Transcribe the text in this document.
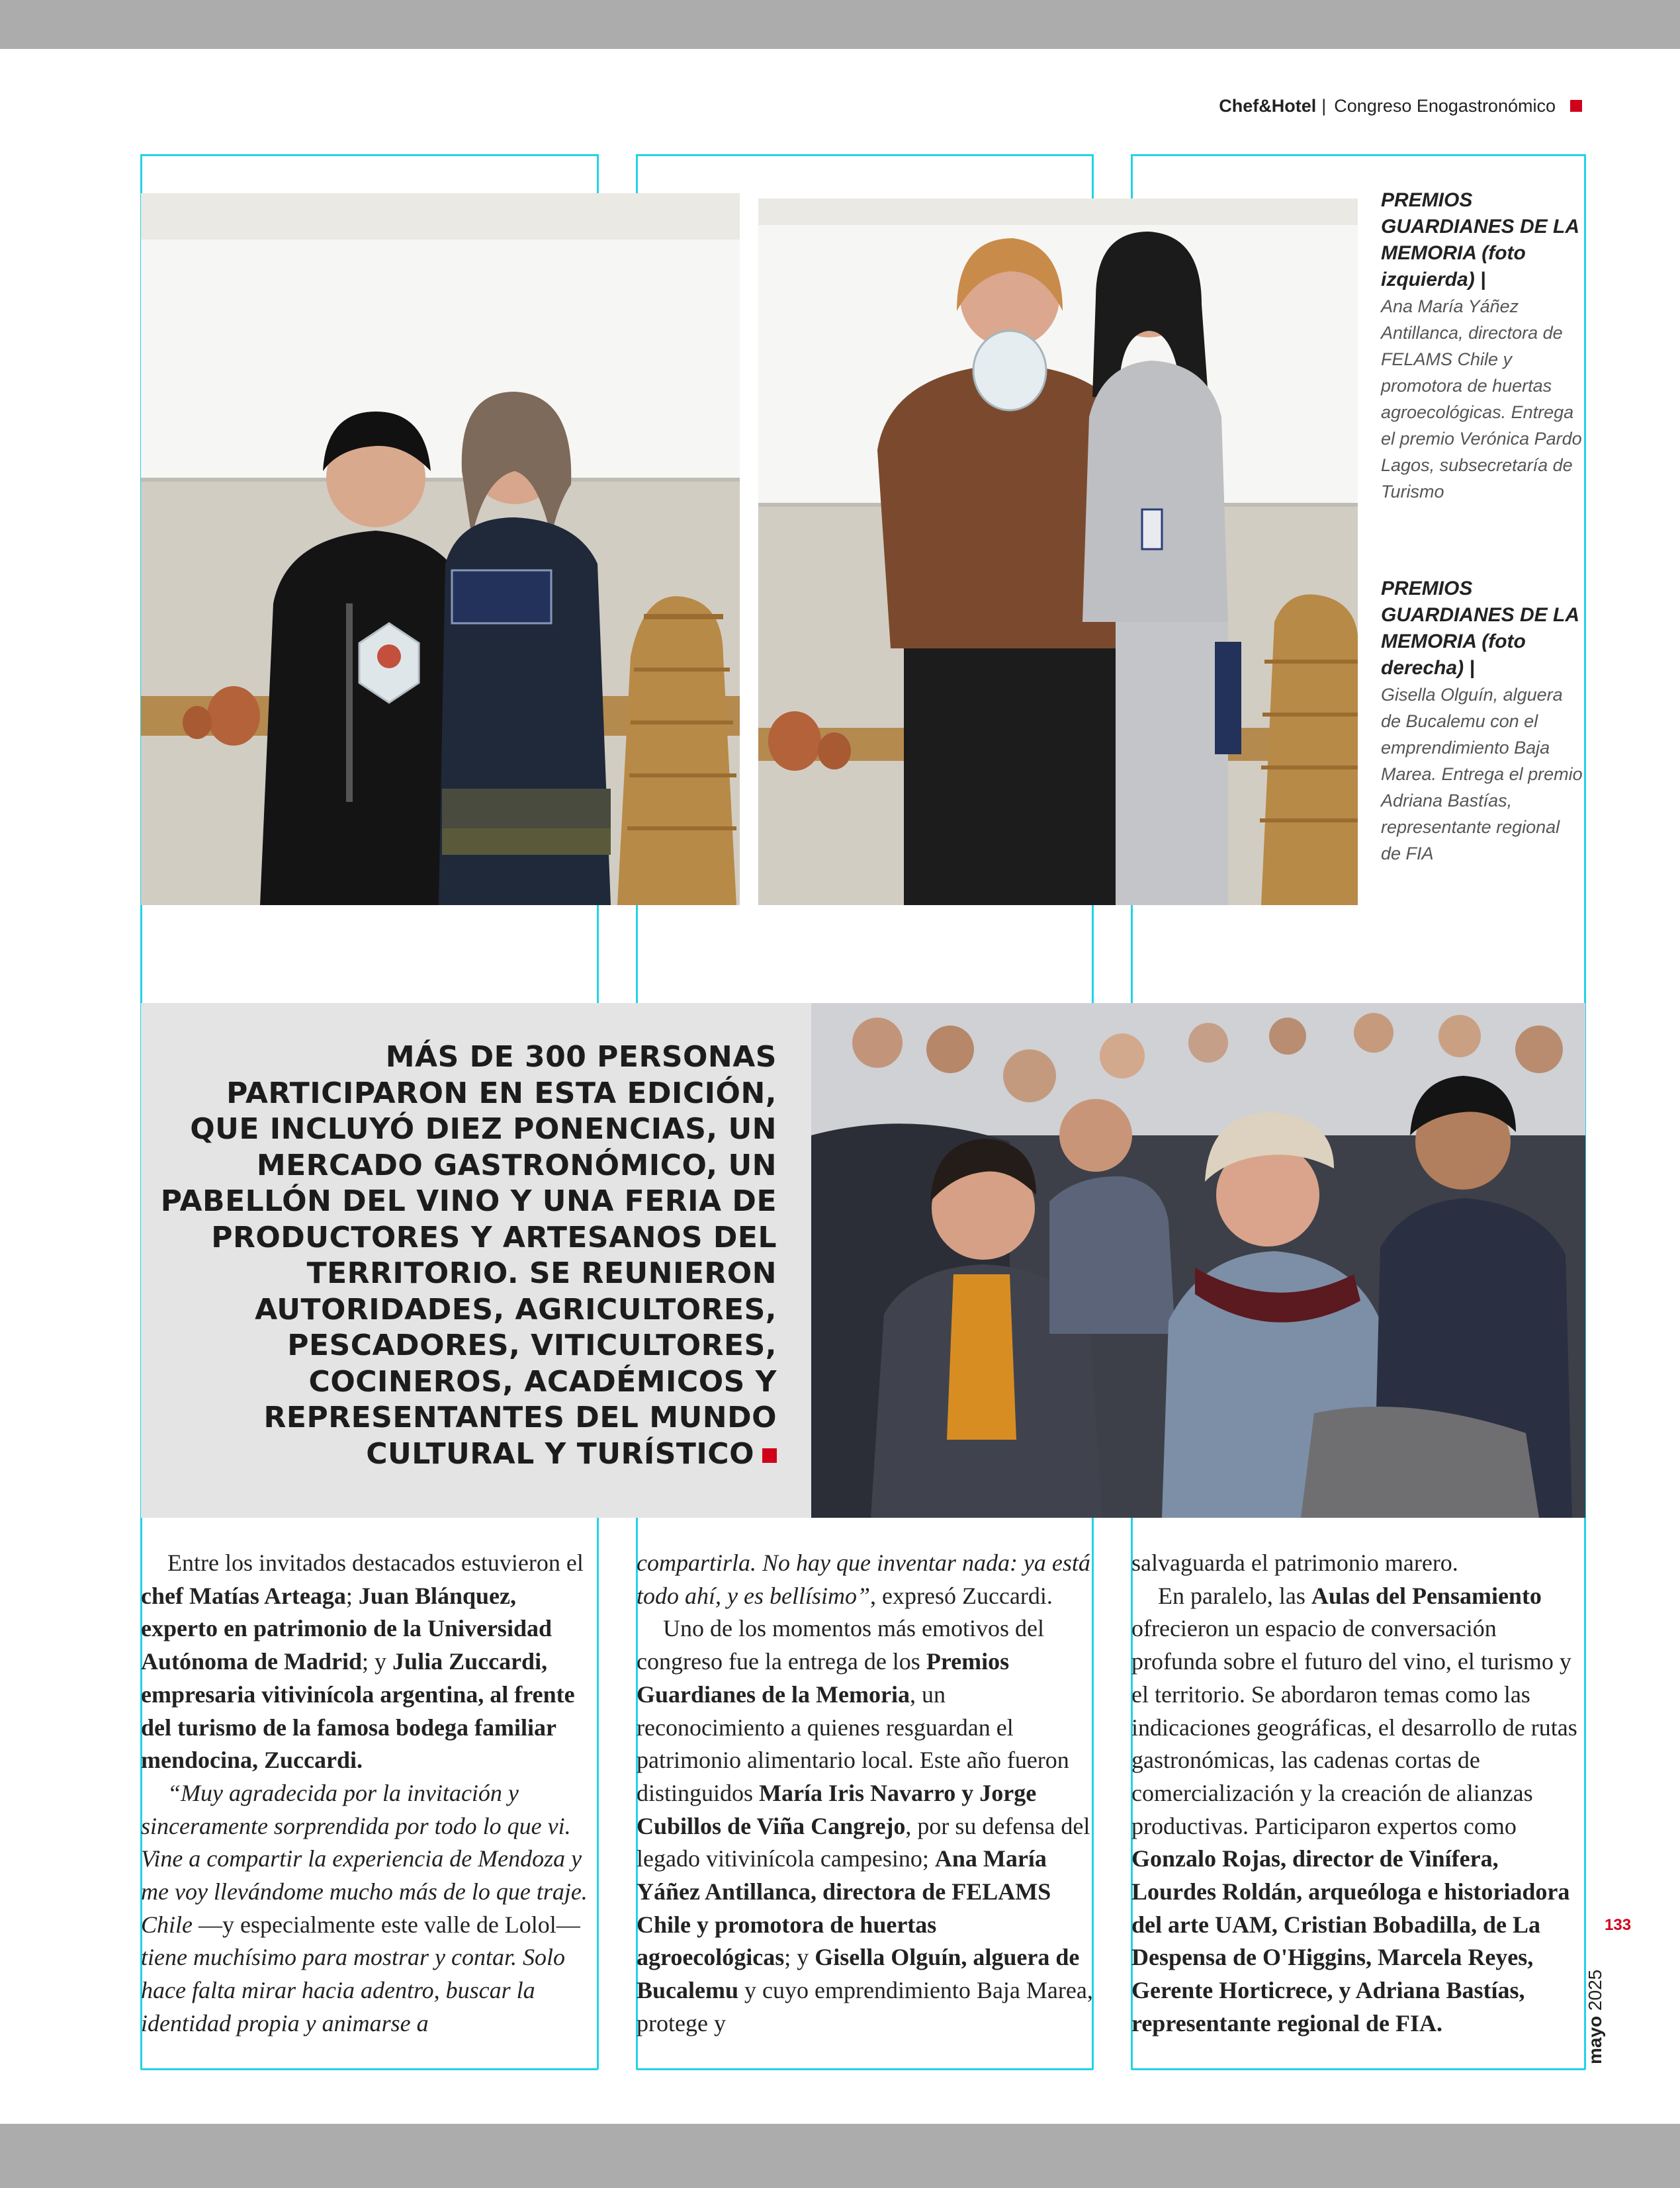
Chef&Hotel | Congreso Enogastronómico
PREMIOS GUARDIANES DE LA MEMORIA (foto izquierda) |
Ana María Yáñez Antillanca, directora de FELAMS Chile y promotora de huertas agroecológicas. Entrega el premio Verónica Pardo Lagos, subsecretaría de Turismo
PREMIOS GUARDIANES DE LA MEMORIA (foto derecha) |
Gisella Olguín, alguera de Bucalemu con el emprendimiento Baja Marea. Entrega el premio Adriana Bastías, representante regional de FIA
MÁS DE 300 PERSONAS PARTICIPARON EN ESTA EDICIÓN, QUE INCLUYÓ DIEZ PONENCIAS, UN MERCADO GASTRONÓMICO, UN PABELLÓN DEL VINO Y UNA FERIA DE PRODUCTORES Y ARTESANOS DEL TERRITORIO. SE REUNIERON AUTORIDADES, AGRICULTORES, PESCADORES, VITICULTORES, COCINEROS, ACADÉMICOS Y REPRESENTANTES DEL MUNDO CULTURAL Y TURÍSTICO

Entre los invitados destacados estuvieron el chef Matías Arteaga; Juan Blánquez, experto en patrimonio de la Universidad Autónoma de Madrid; y Julia Zuccardi, empresaria vitivinícola argentina, al frente del turismo de la famosa bodega familiar mendocina, Zuccardi.

“Muy agradecida por la invitación y sinceramente sorprendida por todo lo que vi. Vine a compartir la experiencia de Mendoza y me voy llevándome mucho más de lo que traje. Chile —y especialmente este valle de Lolol— tiene muchísimo para mostrar y contar. Solo hace falta mirar hacia adentro, buscar la identidad propia y animarse a

compartirla. No hay que inventar nada: ya está todo ahí, y es bellísimo”, expresó Zuccardi.

Uno de los momentos más emotivos del congreso fue la entrega de los Premios Guardianes de la Memoria, un reconocimiento a quienes resguardan el patrimonio alimentario local. Este año fueron distinguidos María Iris Navarro y Jorge Cubillos de Viña Cangrejo, por su defensa del legado vitivinícola campesino; Ana María Yáñez Antillanca, directora de FELAMS Chile y promotora de huertas agroecológicas; y Gisella Olguín, alguera de Bucalemu y cuyo emprendimiento Baja Marea, protege y

salvaguarda el patrimonio marero.

En paralelo, las Aulas del Pensamiento ofrecieron un espacio de conversación profunda sobre el futuro del vino, el turismo y el territorio. Se abordaron temas como las indicaciones geográficas, el desarrollo de rutas gastronómicas, las cadenas cortas de comercialización y la creación de alianzas productivas. Participaron expertos como Gonzalo Rojas, director de Vinífera, Lourdes Roldán, arqueóloga e historiadora del arte UAM, Cristian Bobadilla, de La Despensa de O'Higgins, Marcela Reyes, Gerente Horticrece, y Adriana Bastías, representante regional de FIA.

133
mayo 2025
